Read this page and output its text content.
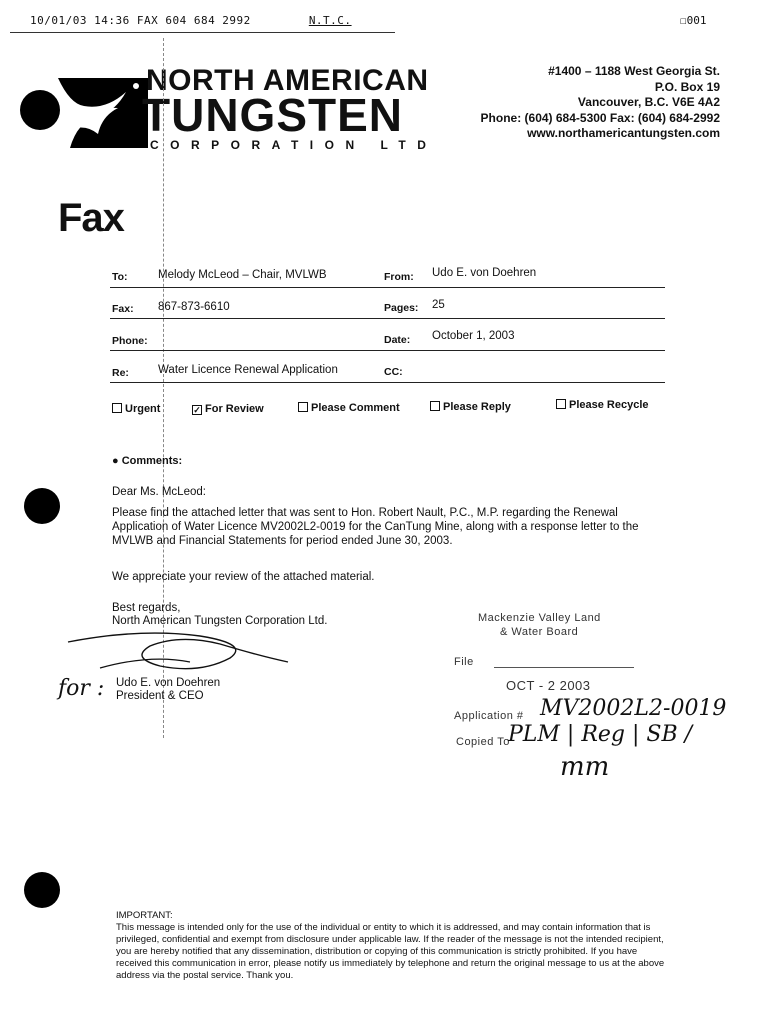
10/01/03 14:36 FAX 604 684 2992	N.T.C.	☐001
NORTH AMERICAN
TUNGSTEN
CORPORATION LTD
#1400 – 1188 West Georgia St.
P.O. Box 19
Vancouver, B.C. V6E 4A2
Phone: (604) 684-5300 Fax: (604) 684-2992
www.northamericantungsten.com
Fax
To:	Melody McLeod – Chair, MVLWB	From: Udo E. von Doehren
Fax: 867-873-6610	Pages: 25
Phone:	Date: October 1, 2003
Re:	Water Licence Renewal Application	CC:
Urgent	✓ For Review	Please Comment	Please Reply	Please Recycle
● Comments:
Dear Ms. McLeod:
Please find the attached letter that was sent to Hon. Robert Nault, P.C., M.P. regarding the Renewal Application of Water Licence MV2002L2-0019 for the CanTung Mine, along with a response letter to the MVLWB and Financial Statements for period ended June 30, 2003.
We appreciate your review of the attached material.
Best regards,
North American Tungsten Corporation Ltd.
Udo E. von Doehren
President & CEO
for :
Mackenzie Valley Land
& Water Board
File
OCT - 2 2003
Application # MV2002L2-0019
Copied To
PLM | Reg | SB /
mm
IMPORTANT:
This message is intended only for the use of the individual or entity to which it is addressed, and may contain information that is privileged, confidential and exempt from disclosure under applicable law. If the reader of the message is not the intended recipient, you are hereby notified that any dissemination, distribution or copying of this communication is strictly prohibited. If you have received this communication in error, please notify us immediately by telephone and return the original message to us at the above address via the postal service. Thank you.
